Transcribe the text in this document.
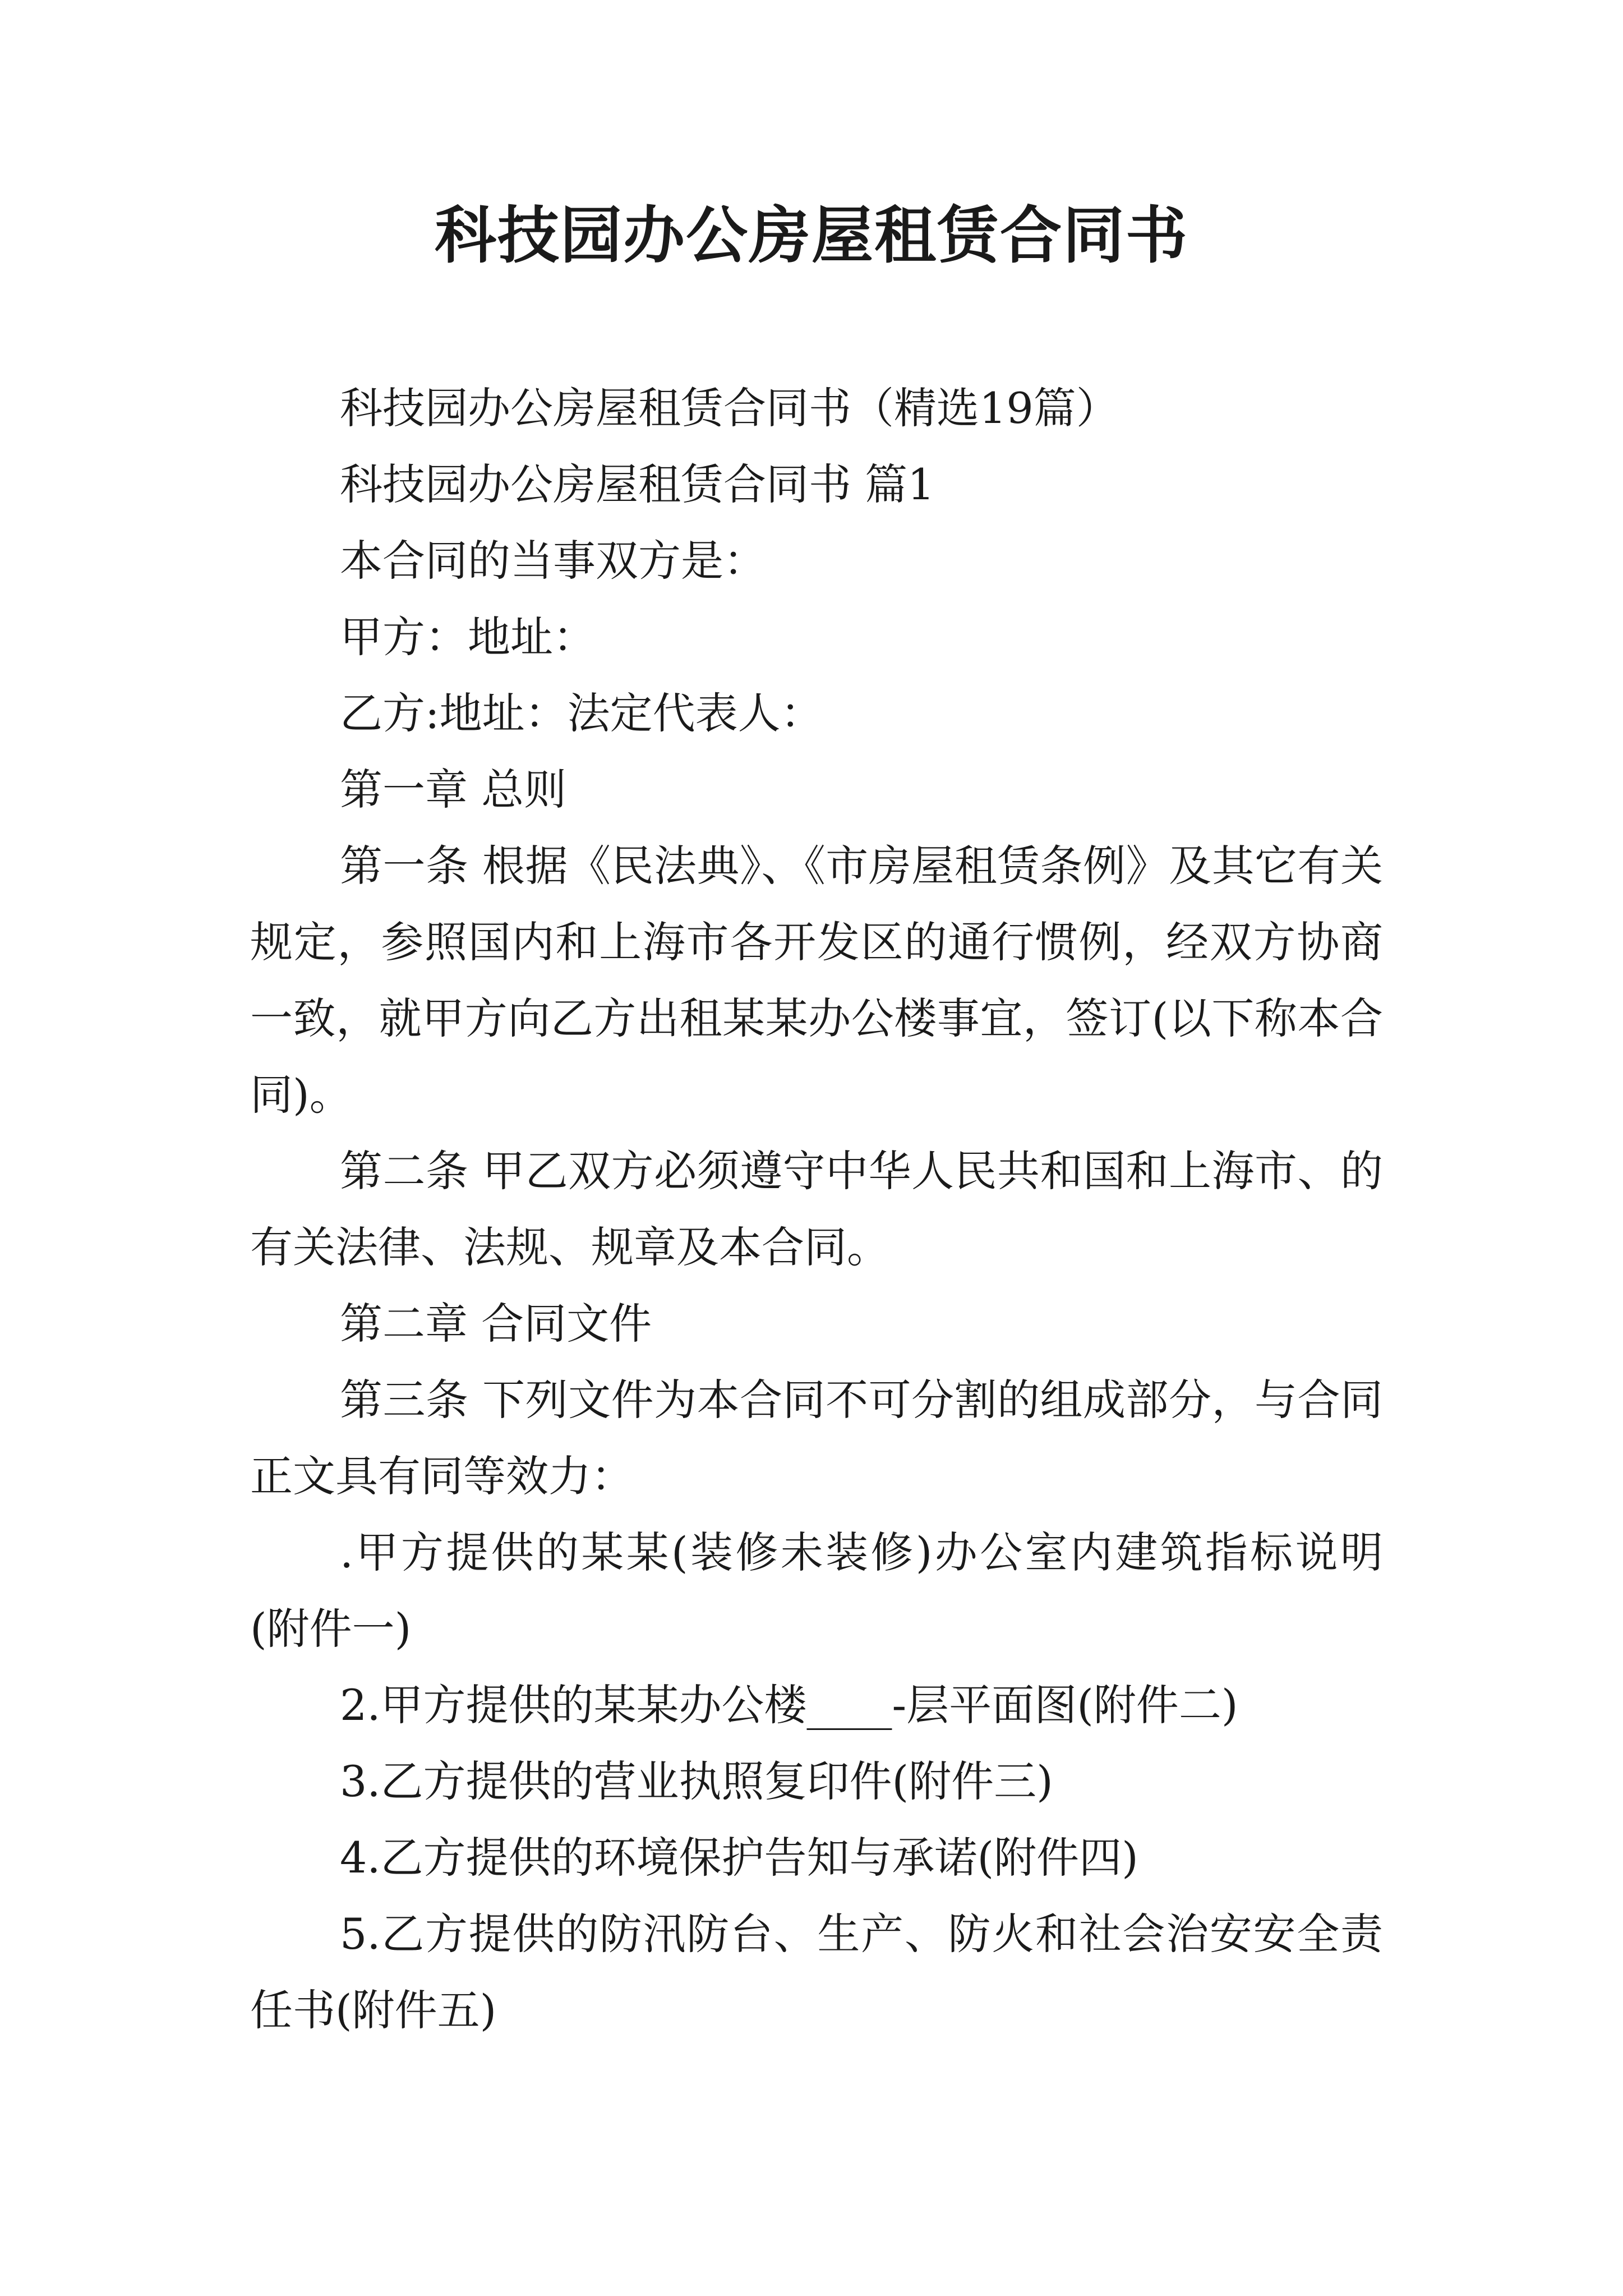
科技园办公房屋租赁合同书

科技园办公房屋租赁合同书（精选19篇）

科技园办公房屋租赁合同书 篇1

本合同的当事双方是：

甲方：地址：

乙方:地址：法定代表人：

第一章 总则

第一条 根据《民法典》、《市房屋租赁条例》及其它有关规定，参照国内和上海市各开发区的通行惯例，经双方协商一致，就甲方向乙方出租某某办公楼事宜，签订(以下称本合同)。

第二条 甲乙双方必须遵守中华人民共和国和上海市、的有关法律、法规、规章及本合同。

第二章 合同文件

第三条 下列文件为本合同不可分割的组成部分，与合同正文具有同等效力：

.甲方提供的某某(装修未装修)办公室内建筑指标说明(附件一)

2.甲方提供的某某办公楼____-层平面图(附件二)

3.乙方提供的营业执照复印件(附件三)

4.乙方提供的环境保护告知与承诺(附件四)

5.乙方提供的防汛防台、生产、防火和社会治安安全责任书(附件五)
